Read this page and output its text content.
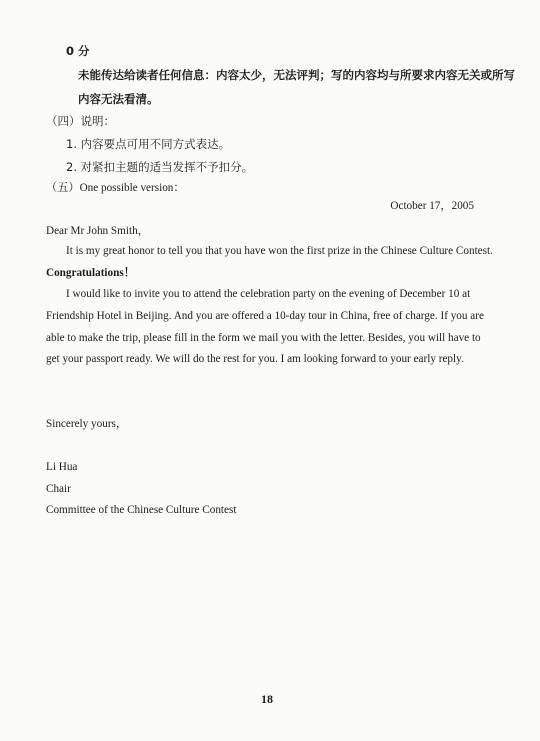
0 分
未能传达给读者任何信息：内容太少，无法评判；写的内容均与所要求内容无关或所写
内容无法看清。
（四）说明：
1. 内容要点可用不同方式表达。
2. 对紧扣主题的适当发挥不予扣分。
（五）One possible version：
October 17，2005
Dear Mr John Smith，
It is my great honor to tell you that you have won the first prize in the Chinese Culture Contest.
Congratulations！
I would like to invite you to attend the celebration party on the evening of December 10 at
Friendship Hotel in Beijing. And you are offered a 10-day tour in China, free of charge. If you are
able to make the trip, please fill in the form we mail you with the letter. Besides, you will have to
get your passport ready. We will do the rest for you. I am looking forward to your early reply.
Sincerely yours，
Li Hua
Chair
Committee of the Chinese Culture Contest
18
